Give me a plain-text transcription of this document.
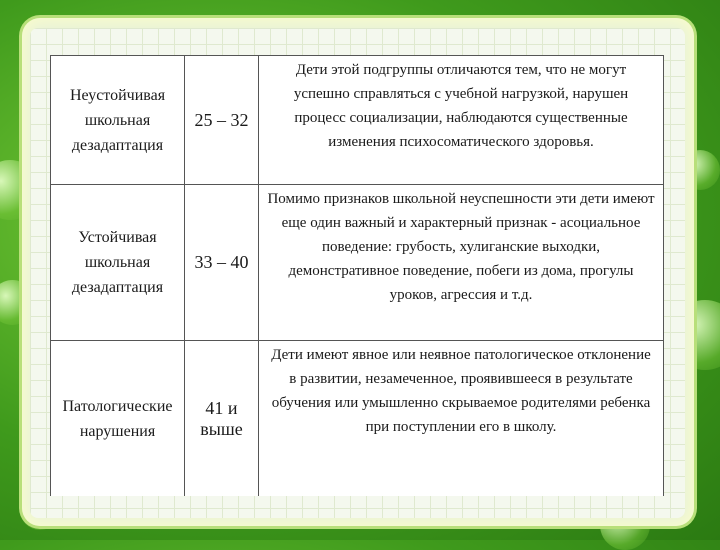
Неустойчивая школьная дезадаптация
25 – 32
Дети этой подгруппы отличаются тем, что не могут успешно справляться с учебной нагрузкой, нарушен процесс социализации, наблюдаются существенные изменения психосоматического здоровья.
Устойчивая школьная дезадаптация
33 – 40
Помимо признаков школьной неуспешности эти дети имеют еще один важный и характерный признак - асоциальное поведение: грубость, хулиганские выходки, демонстративное поведение, побеги из дома, прогулы уроков, агрессия и т.д.
Патологические нарушения
41 и выше
Дети имеют явное или неявное патологическое отклонение в развитии, незамеченное, проявившееся в результате обучения или умышленно скрываемое родителями ребенка при поступлении его в школу.
